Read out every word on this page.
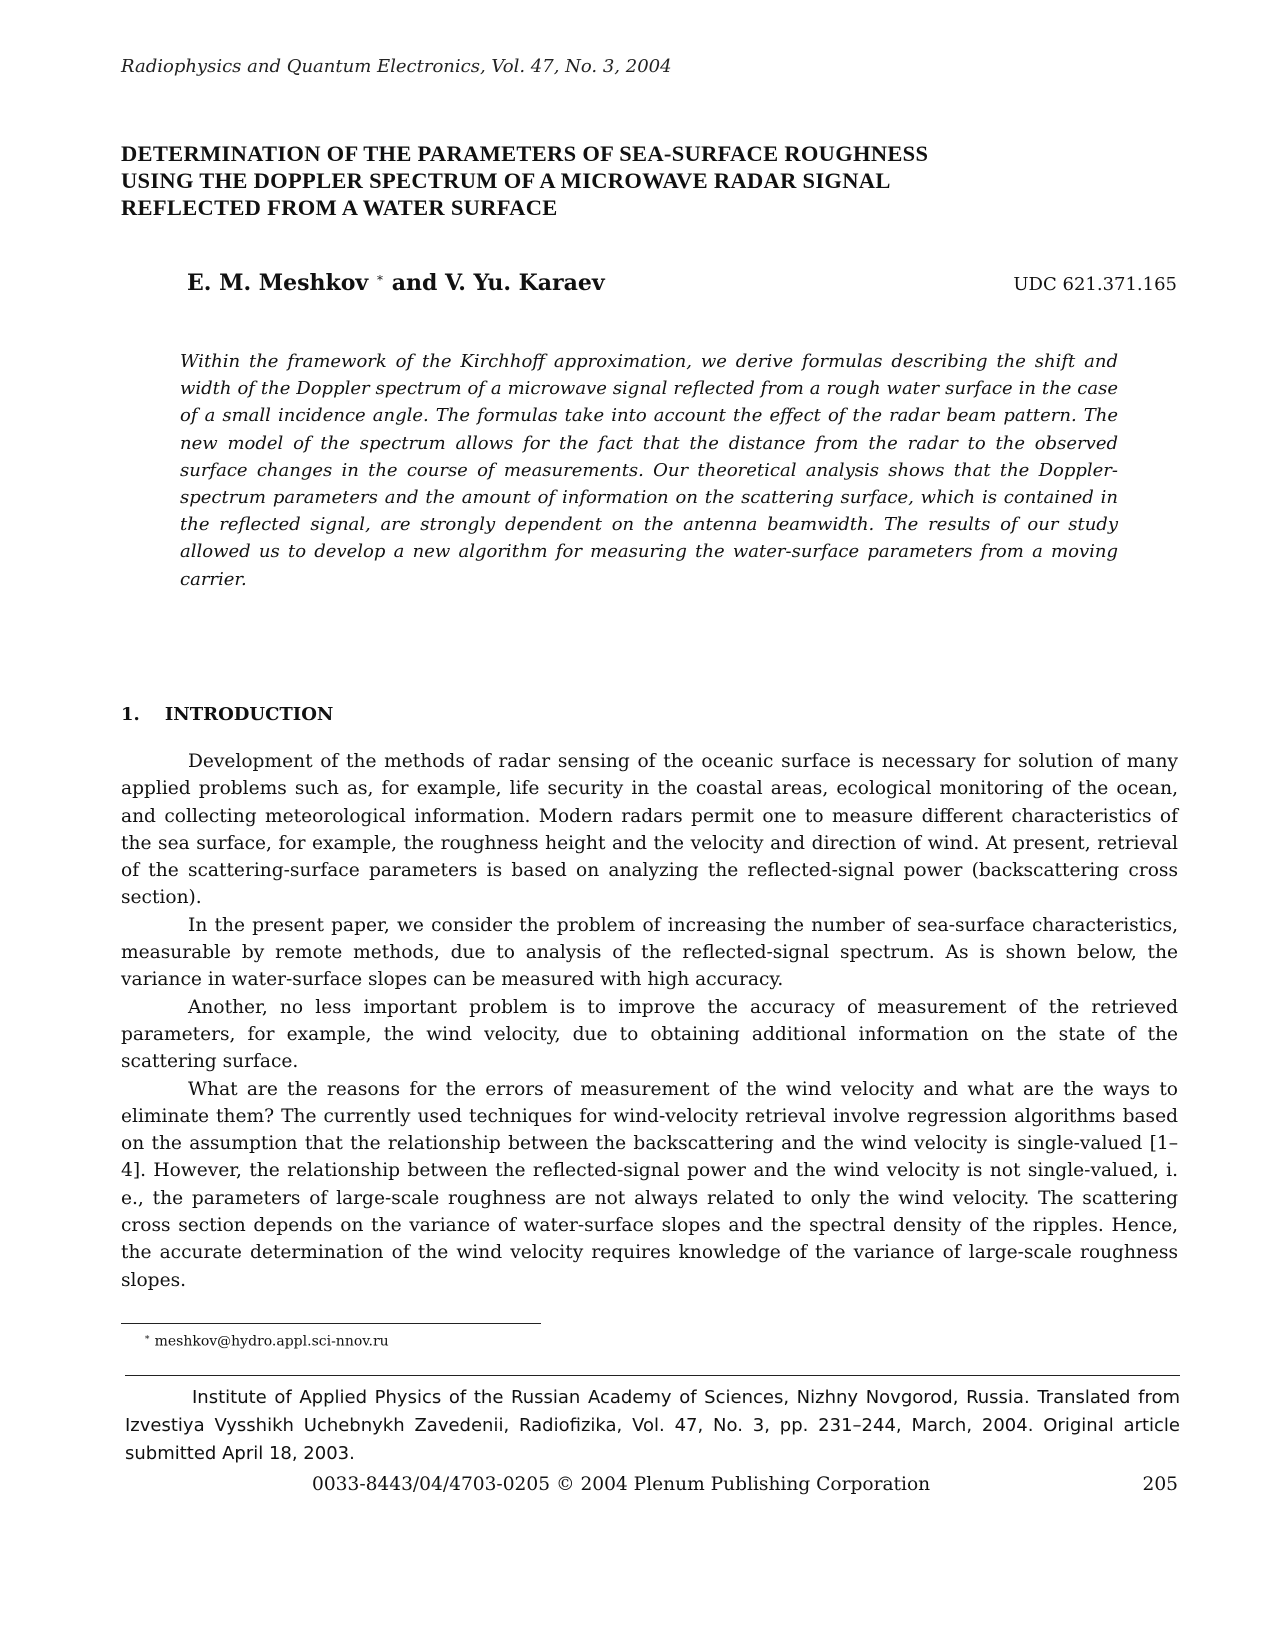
Radiophysics and Quantum Electronics, Vol. 47, No. 3, 2004
DETERMINATION OF THE PARAMETERS OF SEA-SURFACE ROUGHNESS
USING THE DOPPLER SPECTRUM OF A MICROWAVE RADAR SIGNAL
REFLECTED FROM A WATER SURFACE
E. M. Meshkov ∗ and V. Yu. Karaev	UDC 621.371.165
Within the framework of the Kirchhoff approximation, we derive formulas describing the shift and width of the Doppler spectrum of a microwave signal reflected from a rough water surface in the case of a small incidence angle. The formulas take into account the effect of the radar beam pattern. The new model of the spectrum allows for the fact that the distance from the radar to the observed surface changes in the course of measurements. Our theoretical analysis shows that the Doppler-spectrum parameters and the amount of information on the scattering surface, which is contained in the reflected signal, are strongly dependent on the antenna beamwidth. The results of our study allowed us to develop a new algorithm for measuring the water-surface parameters from a moving carrier.
1. INTRODUCTION

Development of the methods of radar sensing of the oceanic surface is necessary for solution of many applied problems such as, for example, life security in the coastal areas, ecological monitoring of the ocean, and collecting meteorological information. Modern radars permit one to measure different characteristics of the sea surface, for example, the roughness height and the velocity and direction of wind. At present, retrieval of the scattering-surface parameters is based on analyzing the reflected-signal power (backscattering cross section).

In the present paper, we consider the problem of increasing the number of sea-surface characteristics, measurable by remote methods, due to analysis of the reflected-signal spectrum. As is shown below, the variance in water-surface slopes can be measured with high accuracy.

Another, no less important problem is to improve the accuracy of measurement of the retrieved parameters, for example, the wind velocity, due to obtaining additional information on the state of the scattering surface.

What are the reasons for the errors of measurement of the wind velocity and what are the ways to eliminate them? The currently used techniques for wind-velocity retrieval involve regression algorithms based on the assumption that the relationship between the backscattering and the wind velocity is single-valued [1–4]. However, the relationship between the reflected-signal power and the wind velocity is not single-valued, i. e., the parameters of large-scale roughness are not always related to only the wind velocity. The scattering cross section depends on the variance of water-surface slopes and the spectral density of the ripples. Hence, the accurate determination of the wind velocity requires knowledge of the variance of large-scale roughness slopes.

∗ meshkov@hydro.appl.sci-nnov.ru
Institute of Applied Physics of the Russian Academy of Sciences, Nizhny Novgorod, Russia. Translated from Izvestiya Vysshikh Uchebnykh Zavedenii, Radiofizika, Vol. 47, No. 3, pp. 231–244, March, 2004. Original article submitted April 18, 2003.
0033-8443/04/4703-0205 © 2004 Plenum Publishing Corporation	205
